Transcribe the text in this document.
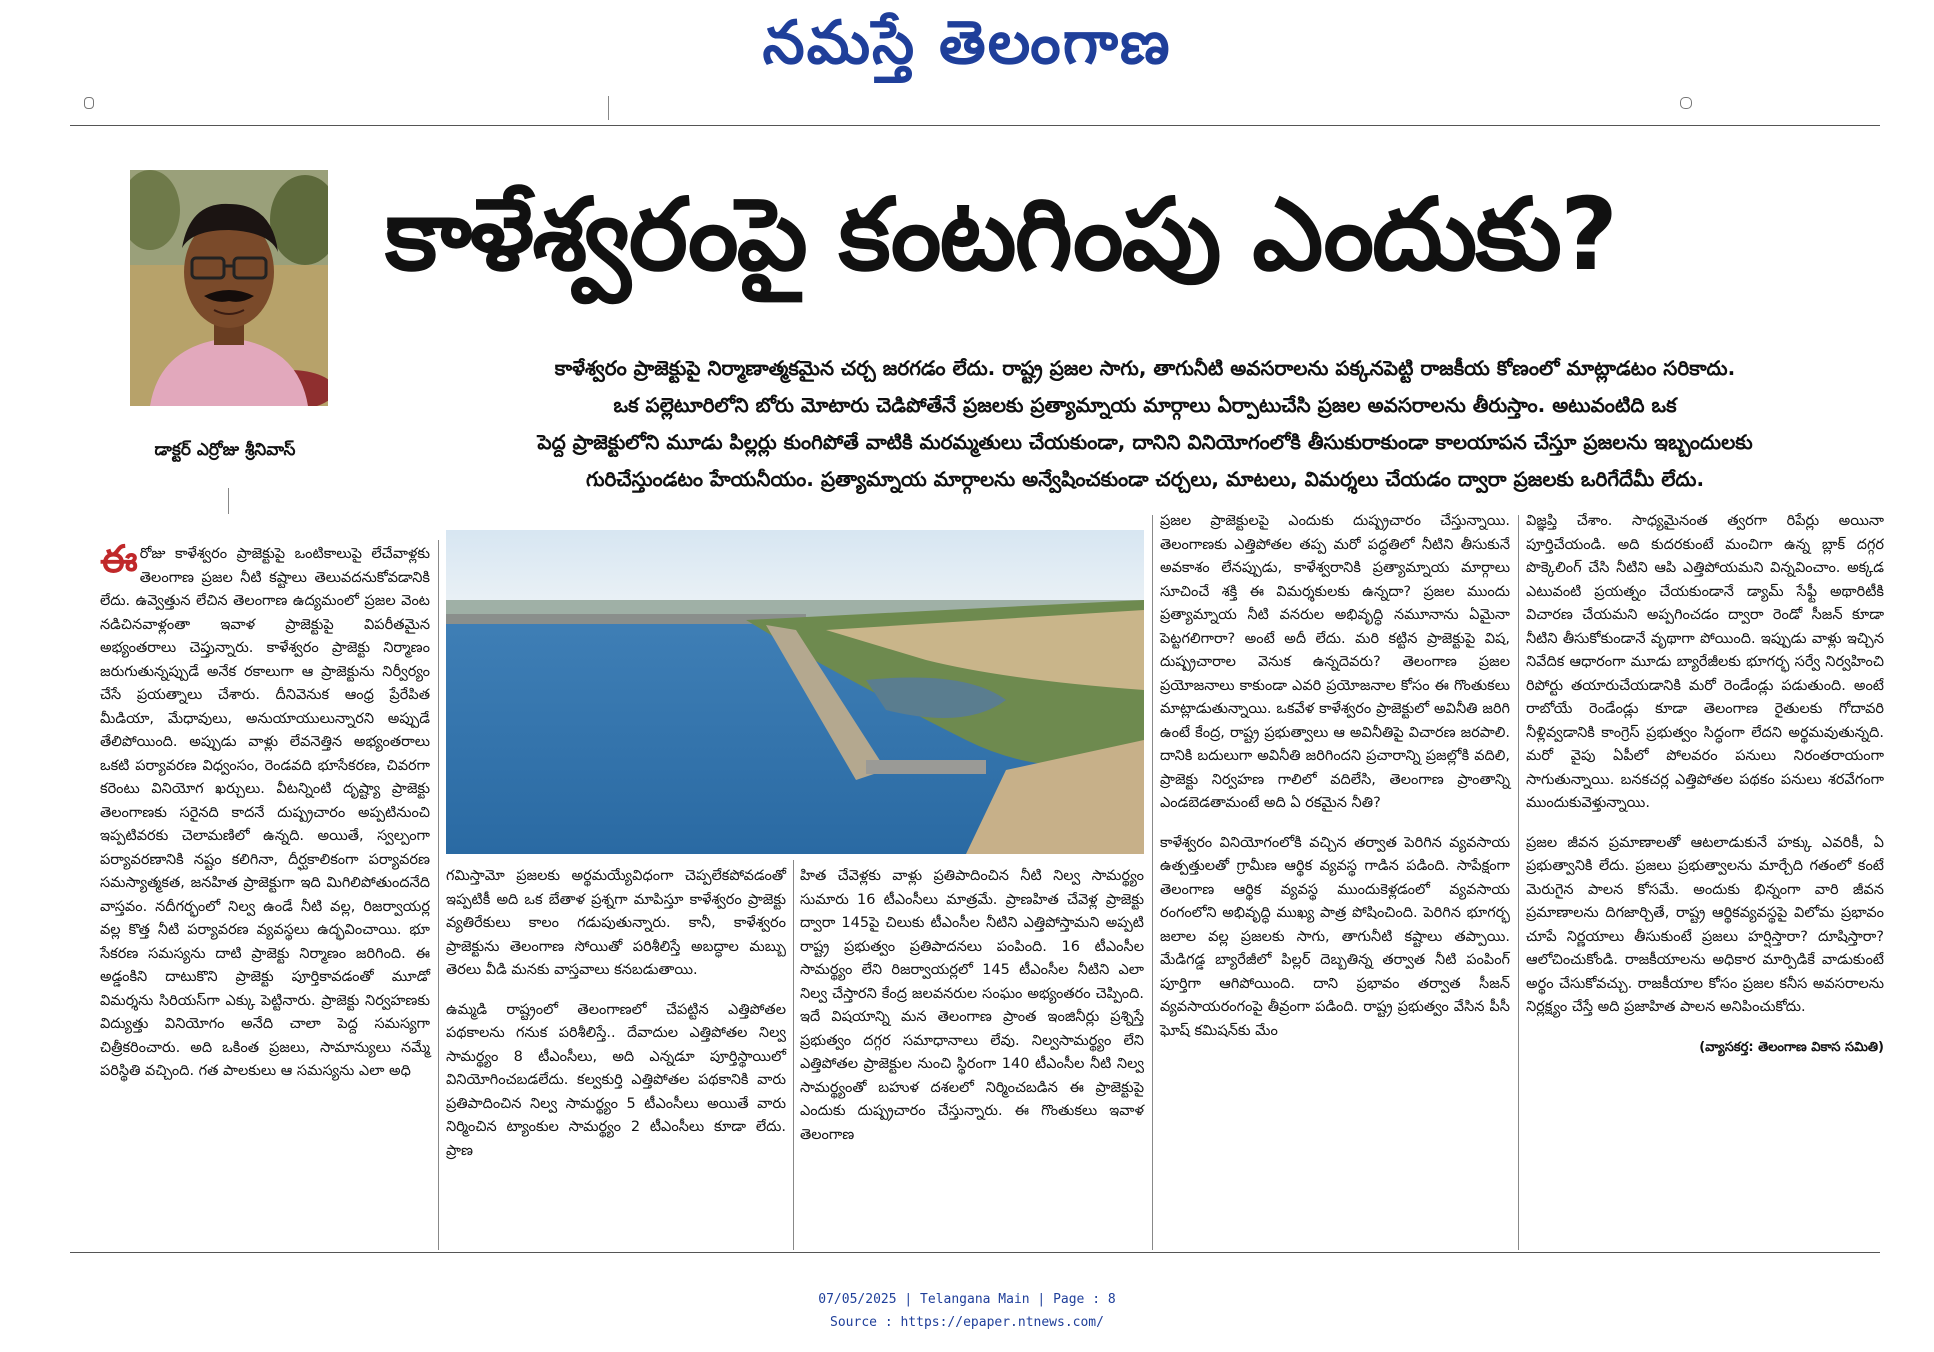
నమస్తే తెలంగాణ
డాక్టర్ ఎర్రోజు శ్రీనివాస్
కాళేశ్వరంపై కంటగింపు ఎందుకు?
కాళేశ్వరం ప్రాజెక్టుపై నిర్మాణాత్మకమైన చర్చ జరగడం లేదు. రాష్ట్ర ప్రజల సాగు, తాగునీటి అవసరాలను పక్కనపెట్టి రాజకీయ కోణంలో మాట్లాడటం సరికాదు.
ఒక పల్లెటూరిలోని బోరు మోటారు చెడిపోతేనే ప్రజలకు ప్రత్యామ్నాయ మార్గాలు ఏర్పాటుచేసి ప్రజల అవసరాలను తీరుస్తాం. అటువంటిది ఒక
పెద్ద ప్రాజెక్టులోని మూడు పిల్లర్లు కుంగిపోతే వాటికి మరమ్మతులు చేయకుండా, దానిని వినియోగంలోకి తీసుకురాకుండా కాలయాపన చేస్తూ ప్రజలను ఇబ్బందులకు
గురిచేస్తుండటం హేయనీయం. ప్రత్యామ్నాయ మార్గాలను అన్వేషించకుండా చర్చలు, మాటలు, విమర్శలు చేయడం ద్వారా ప్రజలకు ఒరిగేదేమీ లేదు.

ఈరోజు కాళేశ్వరం ప్రాజెక్టుపై ఒంటికాలుపై లేచేవాళ్లకు తెలంగాణ ప్రజల నీటి కష్టాలు తెలువదనుకోవడానికి లేదు. ఉవ్వెత్తున లేచిన తెలంగాణ ఉద్యమంలో ప్రజల వెంట నడిచినవాళ్లంతా ఇవాళ ప్రాజెక్టుపై విపరీతమైన అభ్యంతరాలు చెప్తున్నారు. కాళేశ్వరం ప్రాజెక్టు నిర్మాణం జరుగుతున్నప్పుడే అనేక రకాలుగా ఆ ప్రాజెక్టును నిర్వీర్యం చేసే ప్రయత్నాలు చేశారు. దీనివెనుక ఆంధ్ర ప్రేరేపిత మీడియా, మేధావులు, అనుయాయులున్నారని అప్పుడే తేలిపోయింది. అప్పుడు వాళ్లు లేవనెత్తిన అభ్యంతరాలు ఒకటి పర్యావరణ విధ్వంసం, రెండవది భూసేకరణ, చివరగా కరెంటు వినియోగ ఖర్చులు. వీటన్నింటి దృష్ట్యా ప్రాజెక్టు తెలంగాణకు సరైనది కాదనే దుష్ప్రచారం అప్పటినుంచి ఇప్పటివరకు చెలామణిలో ఉన్నది. అయితే, స్వల్పంగా పర్యావరణానికి నష్టం కలిగినా, దీర్ఘకాలికంగా పర్యావరణ సమస్యాత్మకత, జనహిత ప్రాజెక్టుగా ఇది మిగిలిపోతుందనేది వాస్తవం. నదీగర్భంలో నిల్వ ఉండే నీటి వల్ల, రిజర్వాయర్ల వల్ల కొత్త నీటి పర్యావరణ వ్యవస్థలు ఉద్భవించాయి. భూ సేకరణ సమస్యను దాటి ప్రాజెక్టు నిర్మాణం జరిగింది. ఈ అడ్డంకిని దాటుకొని ప్రాజెక్టు పూర్తికావడంతో మూడో విమర్శను సిరియస్‌గా ఎక్కు పెట్టినారు. ప్రాజెక్టు నిర్వహణకు విద్యుత్తు వినియోగం అనేది చాలా పెద్ద సమస్యగా చిత్రీకరించారు. అది ఒకింత ప్రజలు, సామాన్యులు నమ్మే పరిస్థితి వచ్చింది. గత పాలకులు ఆ సమస్యను ఎలా అధి

గమిస్తామో ప్రజలకు అర్థమయ్యేవిధంగా చెప్పలేకపోవడంతో ఇప్పటికీ అది ఒక బేతాళ ప్రశ్నగా మాపిస్తూ కాళేశ్వరం ప్రాజెక్టు వ్యతిరేకులు కాలం గడుపుతున్నారు. కానీ, కాళేశ్వరం ప్రాజెక్టును తెలంగాణ సోయితో పరిశీలిస్తే అబద్ధాల మబ్బు తెరలు వీడి మనకు వాస్తవాలు కనబడుతాయి.

ఉమ్మడి రాష్ట్రంలో తెలంగాణలో చేపట్టిన ఎత్తిపోతల పథకాలను గనుక పరిశీలిస్తే.. దేవాదుల ఎత్తిపోతల నిల్వ సామర్థ్యం 8 టీఎంసీలు, అది ఎన్నడూ పూర్తిస్థాయిలో వినియోగించబడలేదు. కల్వకుర్తి ఎత్తిపోతల పథకానికి వారు ప్రతిపాదించిన నిల్వ సామర్థ్యం 5 టీఎంసీలు అయితే వారు నిర్మించిన ట్యాంకుల సామర్థ్యం 2 టీఎంసీలు కూడా లేదు. ప్రాణ

హిత చేవెళ్లకు వాళ్లు ప్రతిపాదించిన నీటి నిల్వ సామర్థ్యం సుమారు 16 టీఎంసీలు మాత్రమే. ప్రాణహిత చేవెళ్ల ప్రాజెక్టు ద్వారా 145పై చిలుకు టీఎంసీల నీటిని ఎత్తిపోస్తామని అప్పటి రాష్ట్ర ప్రభుత్వం ప్రతిపాదనలు పంపింది. 16 టీఎంసీల సామర్థ్యం లేని రిజర్వాయర్లలో 145 టీఎంసీల నీటిని ఎలా నిల్వ చేస్తారని కేంద్ర జలవనరుల సంఘం అభ్యంతరం చెప్పింది. ఇదే విషయాన్ని మన తెలంగాణ ప్రాంత ఇంజినీర్లు ప్రశ్నిస్తే ప్రభుత్వం దగ్గర సమాధానాలు లేవు. నిల్వసామర్థ్యం లేని ఎత్తిపోతల ప్రాజెక్టుల నుంచి స్థిరంగా 140 టీఎంసీల నీటి నిల్వ సామర్థ్యంతో బహుళ దశలలో నిర్మించబడిన ఈ ప్రాజెక్టుపై ఎందుకు దుష్ప్రచారం చేస్తున్నారు. ఈ గొంతుకలు ఇవాళ తెలంగాణ

ప్రజల ప్రాజెక్టులపై ఎందుకు దుష్ప్రచారం చేస్తున్నాయి. తెలంగాణకు ఎత్తిపోతల తప్ప మరో పద్ధతిలో నీటిని తీసుకునే అవకాశం లేనప్పుడు, కాళేశ్వరానికి ప్రత్యామ్నాయ మార్గాలు సూచించే శక్తి ఈ విమర్శకులకు ఉన్నదా? ప్రజల ముందు ప్రత్యామ్నాయ నీటి వనరుల అభివృద్ధి నమూనాను ఏమైనా పెట్టగలిగారా? అంటే అదీ లేదు. మరి కట్టిన ప్రాజెక్టుపై విష, దుష్ప్రచారాల వెనుక ఉన్నదెవరు? తెలంగాణ ప్రజల ప్రయోజనాలు కాకుండా ఎవరి ప్రయోజనాల కోసం ఈ గొంతుకలు మాట్లాడుతున్నాయి. ఒకవేళ కాళేశ్వరం ప్రాజెక్టులో అవినీతి జరిగి ఉంటే కేంద్ర, రాష్ట్ర ప్రభుత్వాలు ఆ అవినీతిపై విచారణ జరపాలి. దానికి బదులుగా అవినీతి జరిగిందని ప్రచారాన్ని ప్రజల్లోకి వదిలి, ప్రాజెక్టు నిర్వహణ గాలిలో వదిలేసి, తెలంగాణ ప్రాంతాన్ని ఎండబెడతామంటే అది ఏ రకమైన నీతి?

కాళేశ్వరం వినియోగంలోకి వచ్చిన తర్వాత పెరిగిన వ్యవసాయ ఉత్పత్తులతో గ్రామీణ ఆర్థిక వ్యవస్థ గాడిన పడింది. సాపేక్షంగా తెలంగాణ ఆర్థిక వ్యవస్థ ముందుకెళ్లడంలో వ్యవసాయ రంగంలోని అభివృద్ధి ముఖ్య పాత్ర పోషించింది. పెరిగిన భూగర్భ జలాల వల్ల ప్రజలకు సాగు, తాగునీటి కష్టాలు తప్పాయి. మేడిగడ్డ బ్యారేజీలో పిల్లర్ దెబ్బతిన్న తర్వాత నీటి పంపింగ్ పూర్తిగా ఆగిపోయింది. దాని ప్రభావం తర్వాత సీజన్ వ్యవసాయరంగంపై తీవ్రంగా పడింది. రాష్ట్ర ప్రభుత్వం వేసిన పీసీ ఘోష్ కమిషన్‌కు మేం

విజ్ఞప్తి చేశాం. సాధ్యమైనంత త్వరగా రిపేర్లు అయినా పూర్తిచేయండి. అది కుదరకుంటే మంచిగా ఉన్న బ్లాక్ దగ్గర పొక్కెలింగ్ చేసి నీటిని ఆపి ఎత్తిపోయమని విన్నవించాం. అక్కడ ఎటువంటి ప్రయత్నం చేయకుండానే డ్యామ్ సేఫ్టీ అథారిటీకి విచారణ చేయమని అప్పగించడం ద్వారా రెండో సీజన్ కూడా నీటిని తీసుకోకుండానే వృథాగా పోయింది. ఇప్పుడు వాళ్లు ఇచ్చిన నివేదిక ఆధారంగా మూడు బ్యారేజీలకు భూగర్భ సర్వే నిర్వహించి రిపోర్టు తయారుచేయడానికి మరో రెండేండ్లు పడుతుంది. అంటే రాబోయే రెండేండ్లు కూడా తెలంగాణ రైతులకు గోదావరి నీళ్లివ్వడానికి కాంగ్రెస్ ప్రభుత్వం సిద్ధంగా లేదని అర్థమవుతున్నది. మరో వైపు ఏపీలో పోలవరం పనులు నిరంతరాయంగా సాగుతున్నాయి. బనకచర్ల ఎత్తిపోతల పథకం పనులు శరవేగంగా ముందుకువెళ్తున్నాయి.

ప్రజల జీవన ప్రమాణాలతో ఆటలాడుకునే హక్కు ఎవరికీ, ఏ ప్రభుత్వానికి లేదు. ప్రజలు ప్రభుత్వాలను మార్చేది గతంలో కంటే మెరుగైన పాలన కోసమే. అందుకు భిన్నంగా వారి జీవన ప్రమాణాలను దిగజార్చితే, రాష్ట్ర ఆర్థికవ్యవస్థపై విలోమ ప్రభావం చూపే నిర్ణయాలు తీసుకుంటే ప్రజలు హర్షిస్తారా? దూషిస్తారా? ఆలోచించుకోండి. రాజకీయాలను అధికార మార్పిడికే వాడుకుంటే అర్థం చేసుకోవచ్చు. రాజకీయాల కోసం ప్రజల కనీస అవసరాలను నిర్లక్ష్యం చేస్తే అది ప్రజాహిత పాలన అనిపించుకోదు.

(వ్యాసకర్త: తెలంగాణ వికాస సమితి)
07/05/2025 | Telangana Main | Page : 8
Source : https://epaper.ntnews.com/
